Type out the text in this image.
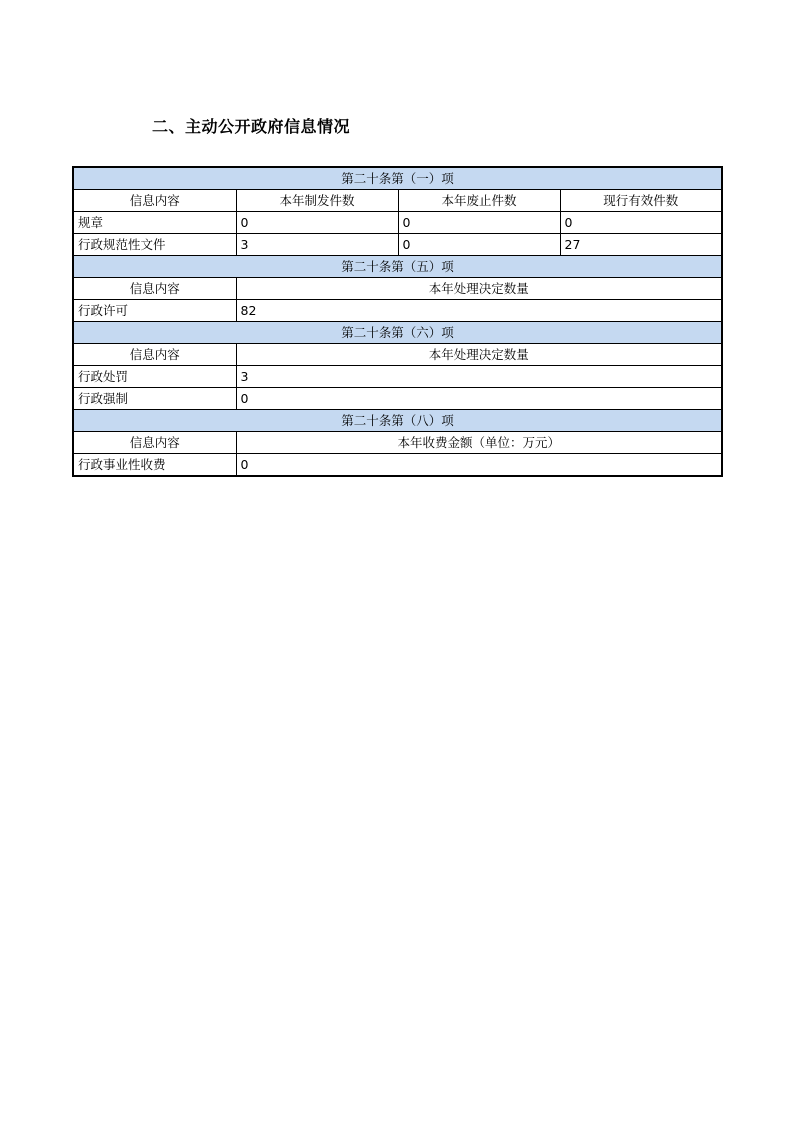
二、主动公开政府信息情况
第二十条第（一）项			
信息内容	本年制发件数	本年废止件数	现行有效件数
规章	0	0	0
行政规范性文件	3	0	27
第二十条第（五）项			
信息内容	本年处理决定数量		
行政许可	82		
第二十条第（六）项			
信息内容	本年处理决定数量		
行政处罚	3		
行政强制	0		
第二十条第（八）项			
信息内容	本年收费金额（单位：万元）		
行政事业性收费	0		
